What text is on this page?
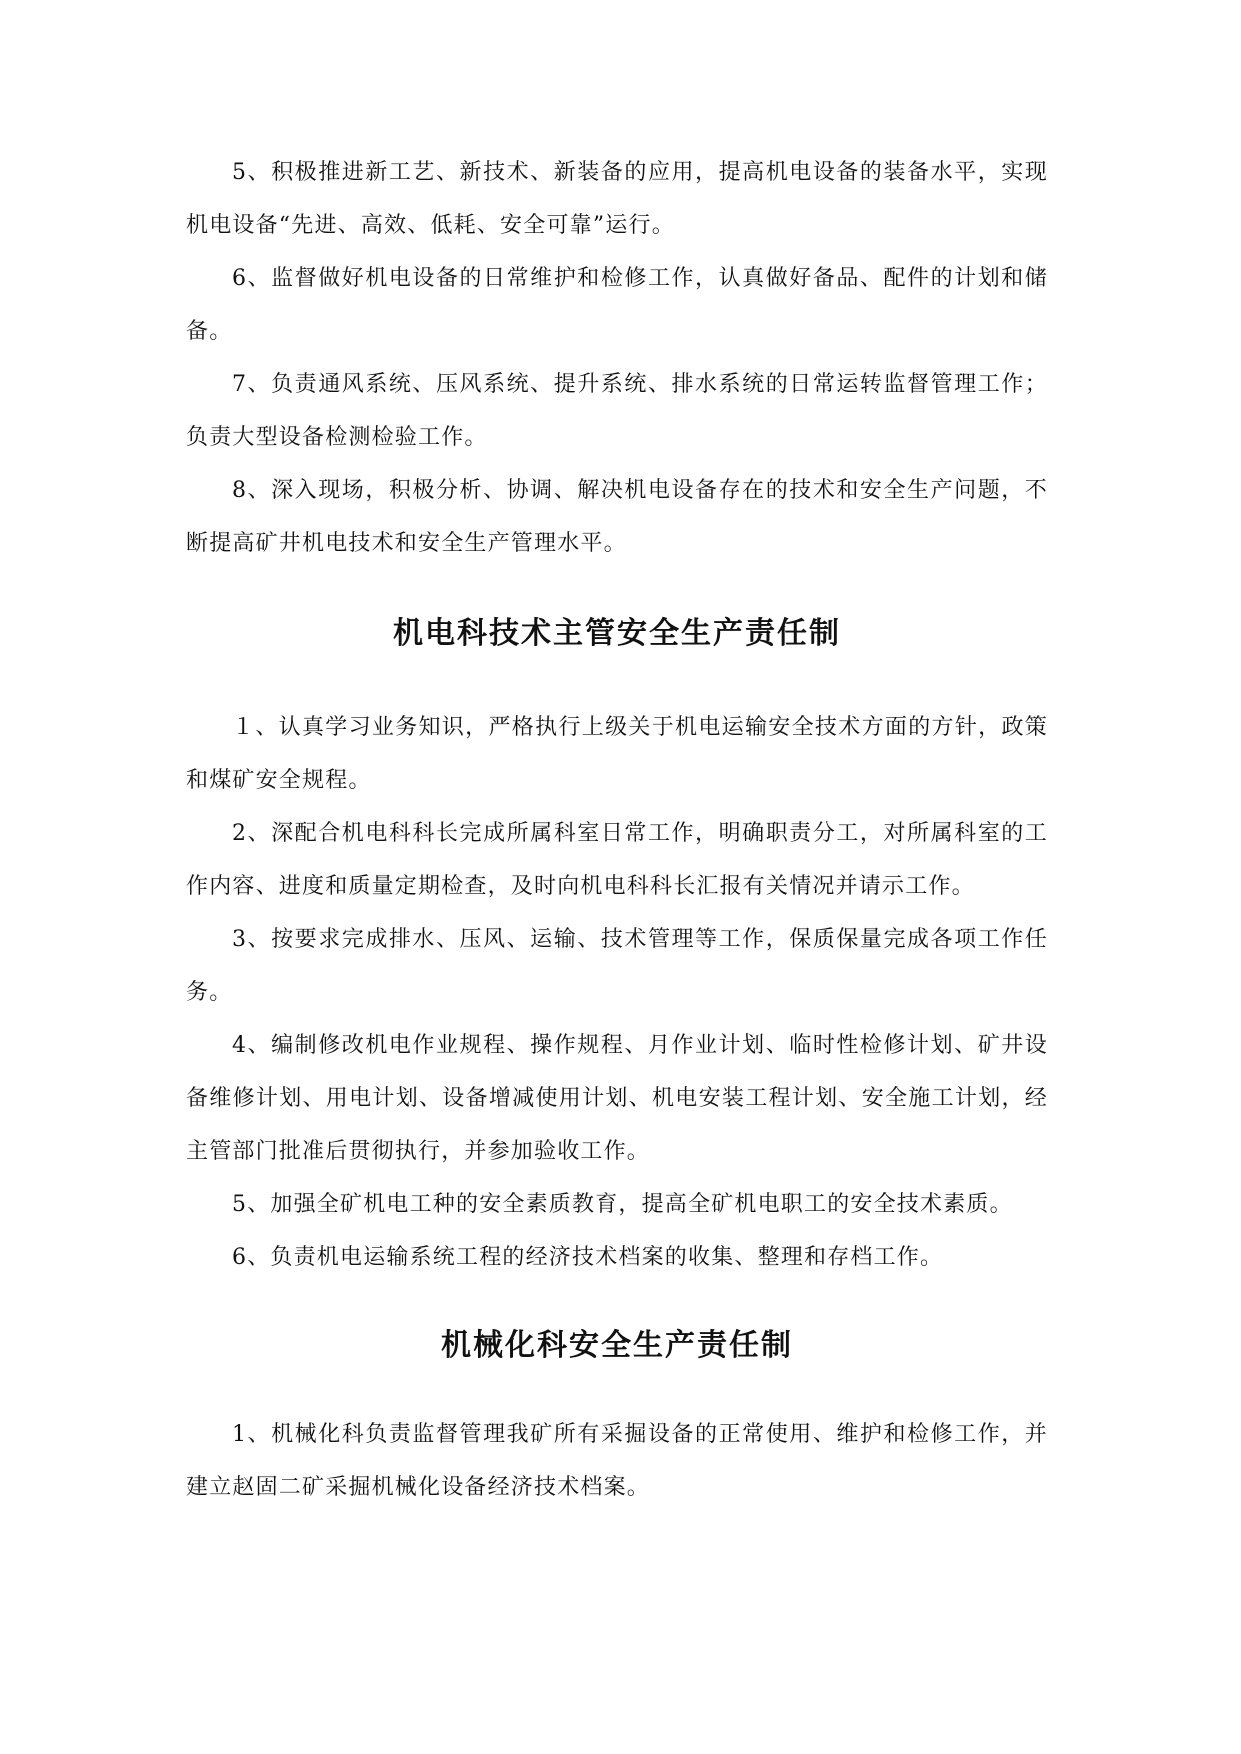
5、积极推进新工艺、新技术、新装备的应用，提高机电设备的装备水平，实现机电设备“先进、高效、低耗、安全可靠”运行。

6、监督做好机电设备的日常维护和检修工作，认真做好备品、配件的计划和储备。

7、负责通风系统、压风系统、提升系统、排水系统的日常运转监督管理工作；负责大型设备检测检验工作。

8、深入现场，积极分析、协调、解决机电设备存在的技术和安全生产问题，不断提高矿井机电技术和安全生产管理水平。

机电科技术主管安全生产责任制

１、认真学习业务知识，严格执行上级关于机电运输安全技术方面的方针，政策和煤矿安全规程。

2、深配合机电科科长完成所属科室日常工作，明确职责分工，对所属科室的工作内容、进度和质量定期检查，及时向机电科科长汇报有关情况并请示工作。

3、按要求完成排水、压风、运输、技术管理等工作，保质保量完成各项工作任务。

4、编制修改机电作业规程、操作规程、月作业计划、临时性检修计划、矿井设备维修计划、用电计划、设备增减使用计划、机电安装工程计划、安全施工计划，经主管部门批准后贯彻执行，并参加验收工作。

5、加强全矿机电工种的安全素质教育，提高全矿机电职工的安全技术素质。

6、负责机电运输系统工程的经济技术档案的收集、整理和存档工作。

机械化科安全生产责任制

1、机械化科负责监督管理我矿所有采掘设备的正常使用、维护和检修工作，并建立赵固二矿采掘机械化设备经济技术档案。
